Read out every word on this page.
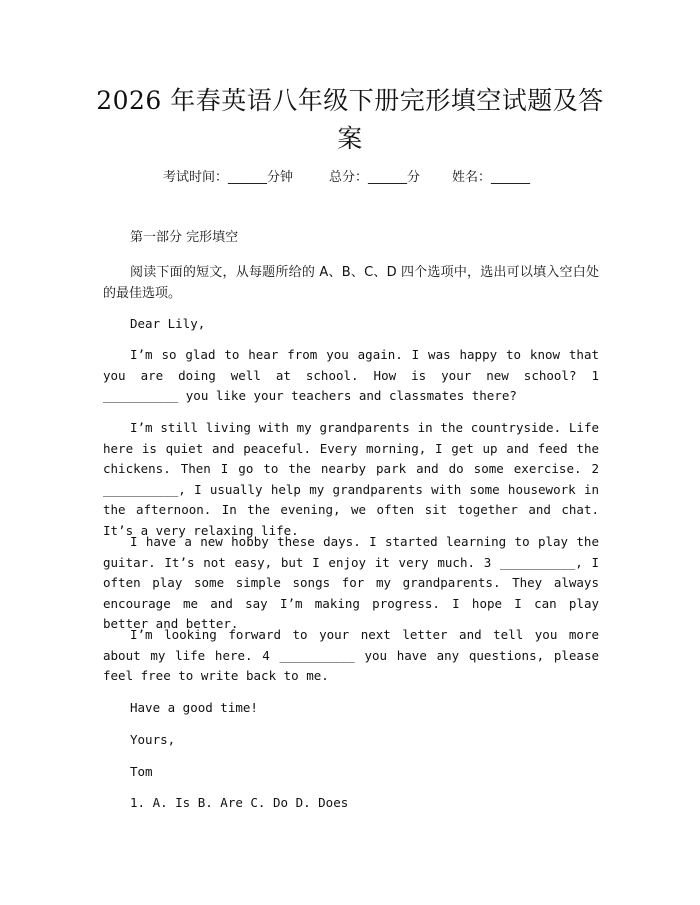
2026 年春英语八年级下册完形填空试题及答案
考试时间：______分钟	总分：______分 姓名：______

第一部分 完形填空

阅读下面的短文，从每题所给的 A、B、C、D 四个选项中，选出可以填入空白处的最佳选项。

Dear Lily,

I’m so glad to hear from you again. I was happy to know that you are doing well at school. How is your new school? 1 __________ you like your teachers and classmates there?

I’m still living with my grandparents in the countryside. Life here is quiet and peaceful. Every morning, I get up and feed the chickens. Then I go to the nearby park and do some exercise. 2 __________, I usually help my grandparents with some housework in the afternoon. In the evening, we often sit together and chat. It’s a very relaxing life.

I have a new hobby these days. I started learning to play the guitar. It’s not easy, but I enjoy it very much. 3 __________, I often play some simple songs for my grandparents. They always encourage me and say I’m making progress. I hope I can play better and better.

I’m looking forward to your next letter and tell you more about my life here. 4 __________ you have any questions, please feel free to write back to me.

Have a good time!

Yours,

Tom

1. A. Is B. Are C. Do D. Does
